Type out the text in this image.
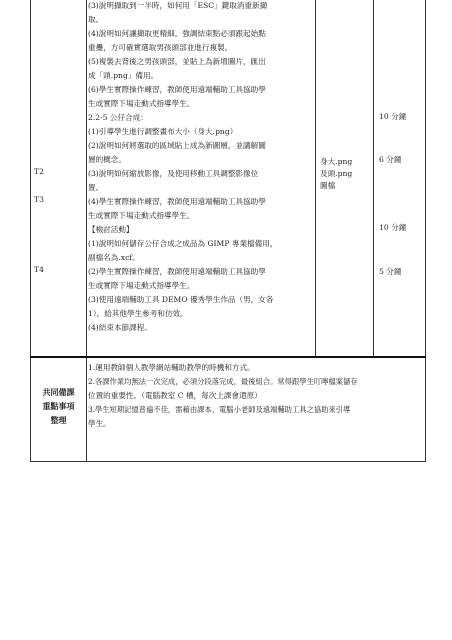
T2
T3
T4
(3)說明擷取到一半時，如何用「ESC」鍵取消重新擷
取。
(4)說明如何讓擷取更精細，強調結束點必須跟起始點
重疊，方可確實選取男孩頭部並進行複製。
(5)複製去背後之男孩頭部，並貼上為新增圖片，匯出
成「頭.png」備用。
(6)學生實際操作練習，教師使用遠端輔助工具協助學
生或實際下場走動式指導學生。
2.2-5 公仔合成：
(1)引導學生進行調整畫布大小（身大.png）
(2)說明如何將選取的區域貼上成為新圖層，並講解圖
層的概念。
(3)說明如何縮放影像，及使用移動工具調整影像位
置。
(4)學生實際操作練習，教師使用遠端輔助工具協助學
生或實際下場走動式指導學生。
【檢討活動】
(1)說明如何儲存公仔合成之成品為 GIMP 專業檔備用，
副檔名為.xcf。
(2)學生實際操作練習，教師使用遠端輔助工具協助學
生或實際下場走動式指導學生。
(3)使用遠端輔助工具 DEMO 優秀學生作品（男，女各
1），給其他學生參考和仿效。
(4)結束本節課程。
身大.png
及頭.png
圖檔
10 分鐘
6 分鐘
10 分鐘
5 分鐘
共同備課
重點事項
整理
1.運用教師個人教學網站輔助教學的時機和方式。
2.各課作業均無法一次完成，必須分段落完成，最後組合。常得跟學生叮嚀檔案儲存
位置的重要性。（電腦教室 C 槽，每次上課會還原）
3.學生短期記憶普遍不佳，需藉由課本、電腦小老師及遠端輔助工具之協助來引導
學生。
